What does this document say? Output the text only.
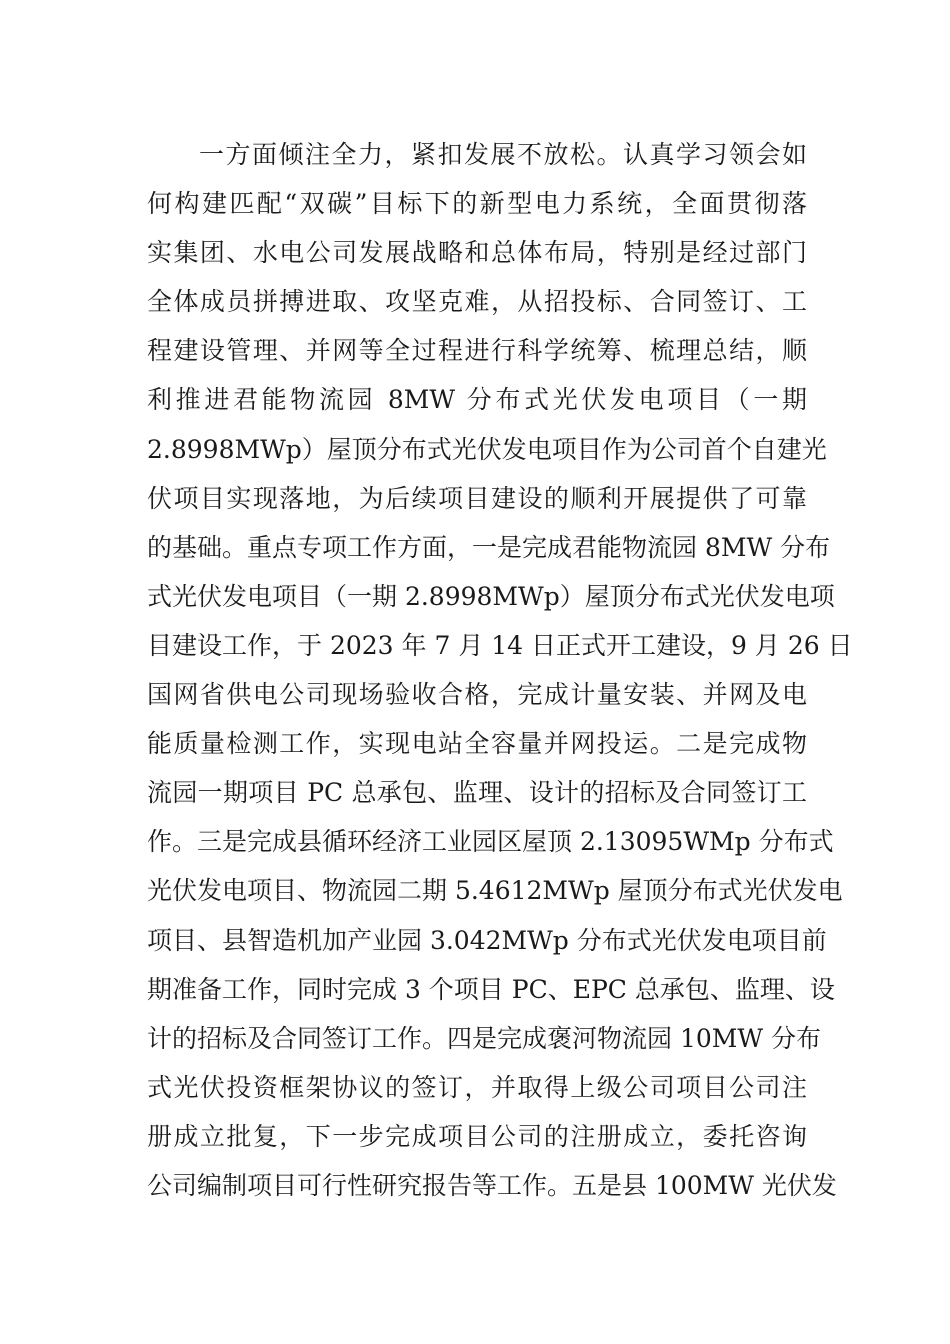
一方面倾注全力，紧扣发展不放松。认真学习领会如
何构建匹配“双碳”目标下的新型电力系统，全面贯彻落
实集团、水电公司发展战略和总体布局，特别是经过部门
全体成员拼搏进取、攻坚克难，从招投标、合同签订、工
程建设管理、并网等全过程进行科学统筹、梳理总结，顺
利推进君能物流园 8MW 分布式光伏发电项目（一期
2.8998MWp）屋顶分布式光伏发电项目作为公司首个自建光
伏项目实现落地，为后续项目建设的顺利开展提供了可靠
的基础。重点专项工作方面，一是完成君能物流园 8MW 分布
式光伏发电项目（一期 2.8998MWp）屋顶分布式光伏发电项
目建设工作，于 2023 年 7 月 14 日正式开工建设，9 月 26 日
国网省供电公司现场验收合格，完成计量安装、并网及电
能质量检测工作，实现电站全容量并网投运。二是完成物
流园一期项目 PC 总承包、监理、设计的招标及合同签订工
作。三是完成县循环经济工业园区屋顶 2.13095WMp 分布式
光伏发电项目、物流园二期 5.4612MWp 屋顶分布式光伏发电
项目、县智造机加产业园 3.042MWp 分布式光伏发电项目前
期准备工作，同时完成 3 个项目 PC、EPC 总承包、监理、设
计的招标及合同签订工作。四是完成褒河物流园 10MW 分布
式光伏投资框架协议的签订，并取得上级公司项目公司注
册成立批复，下一步完成项目公司的注册成立，委托咨询
公司编制项目可行性研究报告等工作。五是县 100MW 光伏发
